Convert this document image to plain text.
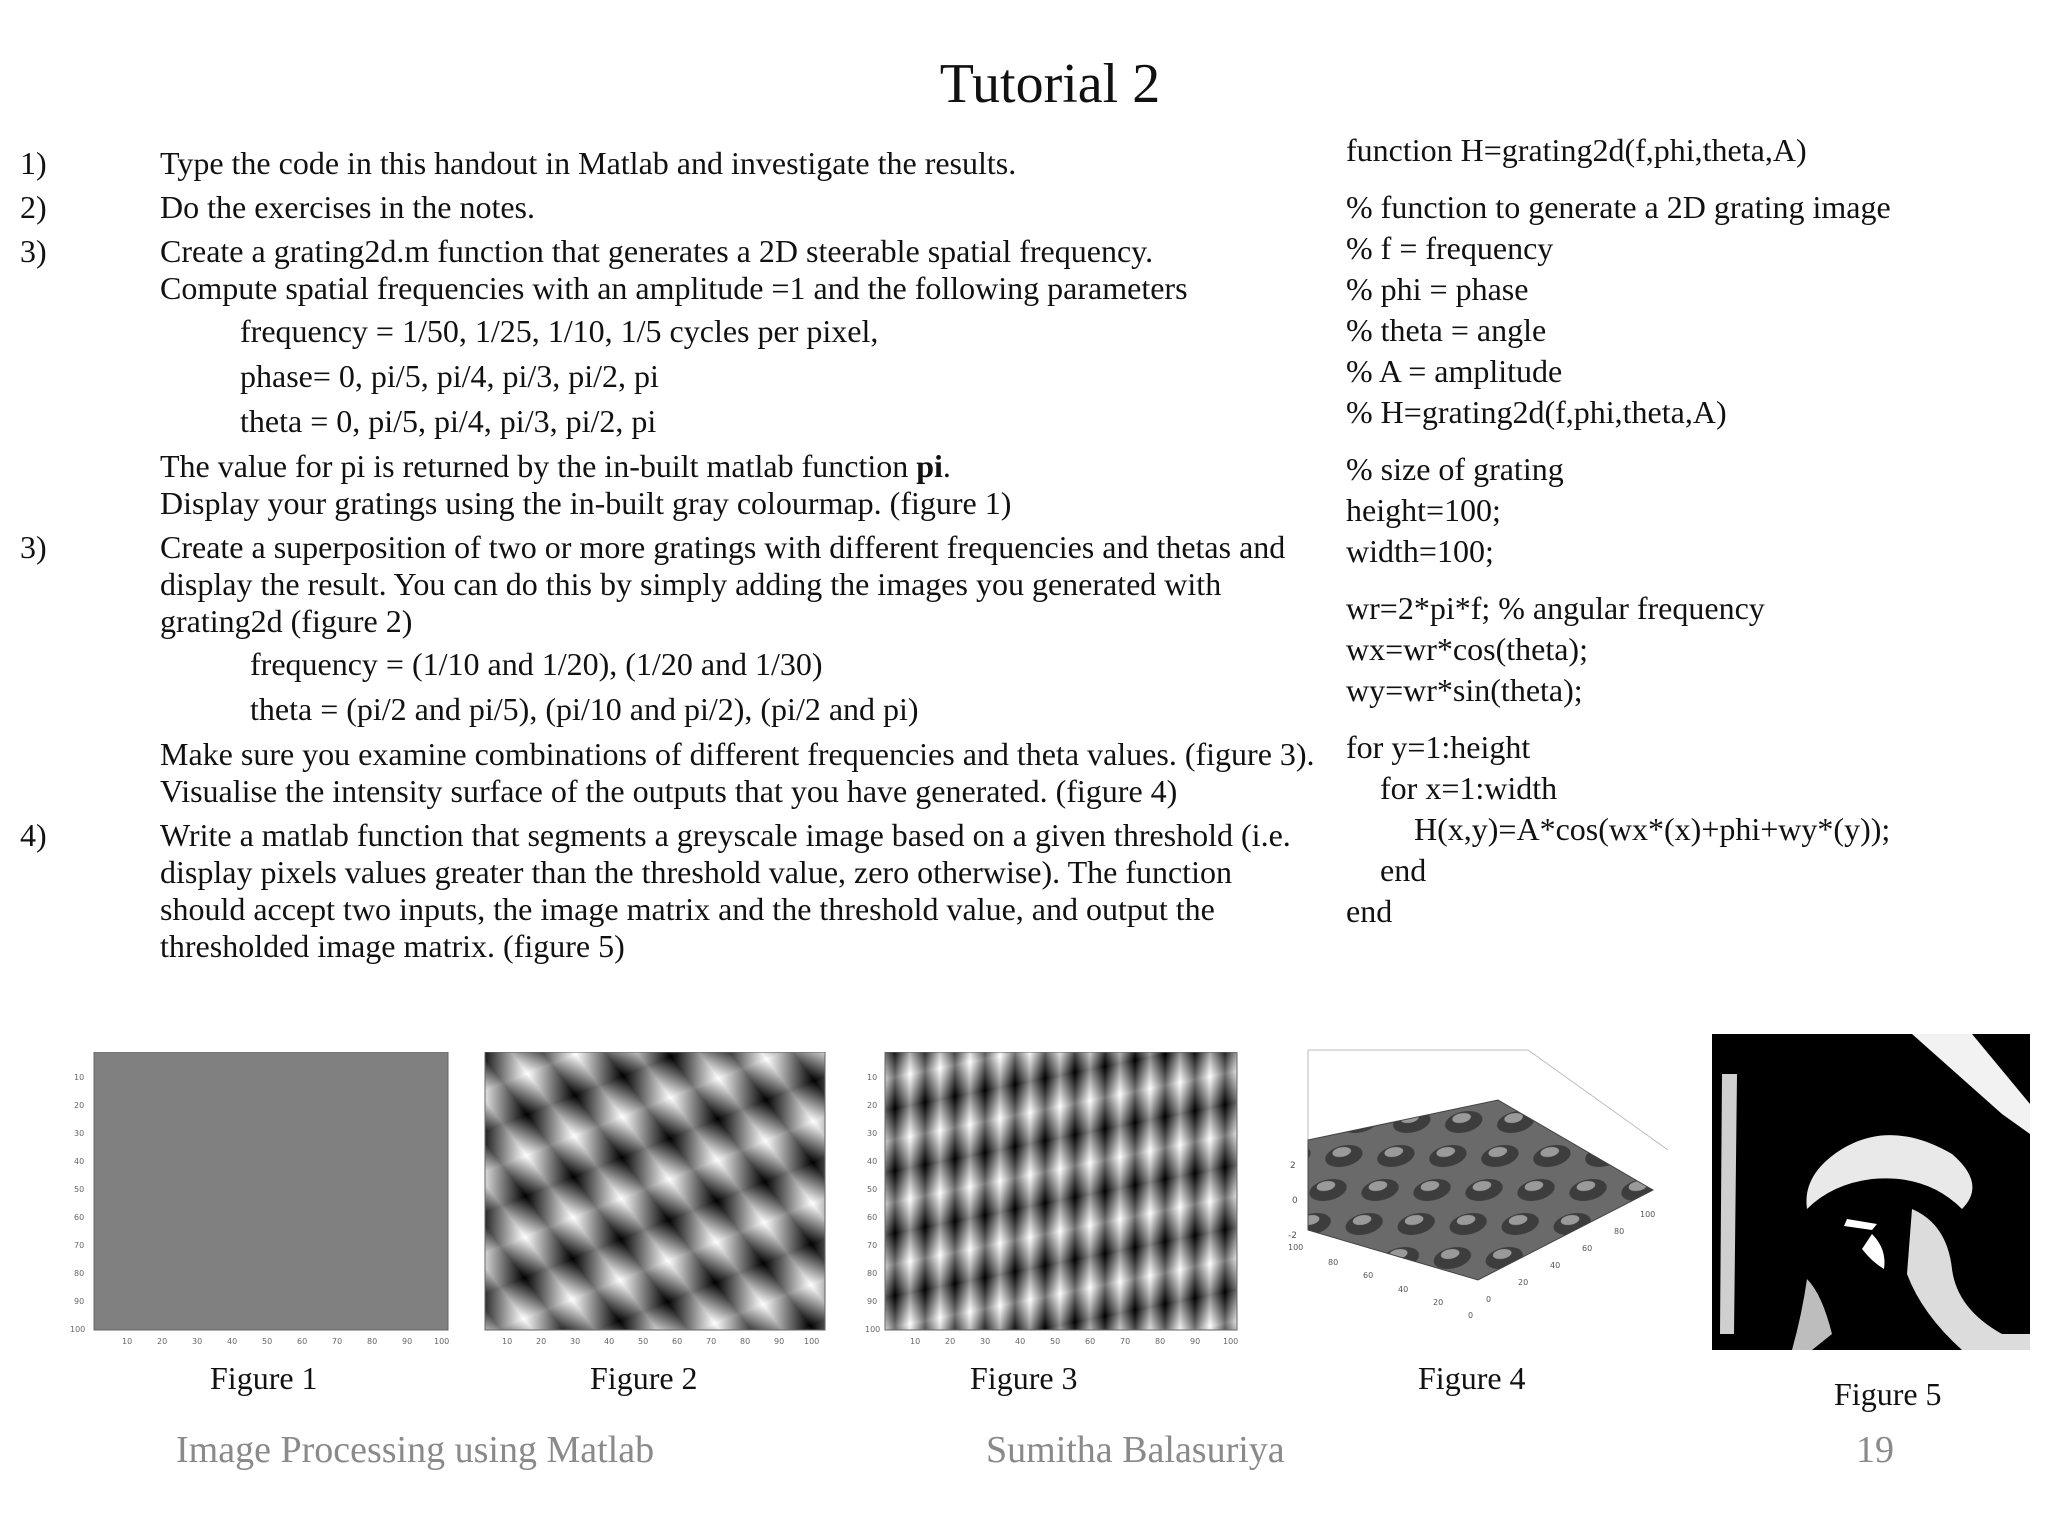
Tutorial 2
1)	Type the code in this handout in Matlab and investigate the results.
2)	Do the exercises in the notes.
3)	Create a grating2d.m function that generates a 2D steerable spatial frequency.
Compute spatial frequencies with an amplitude =1 and the following parameters
frequency = 1/50, 1/25, 1/10, 1/5 cycles per pixel,
phase= 0, pi/5, pi/4, pi/3, pi/2, pi
theta = 0, pi/5, pi/4, pi/3, pi/2, pi
The value for pi is returned by the in-built matlab function pi.
Display your gratings using the in-built gray colourmap. (figure 1)
3)	Create a superposition of two or more gratings with different frequencies and thetas and display the result. You can do this by simply adding the images you generated with grating2d (figure 2)
frequency = (1/10 and 1/20), (1/20 and 1/30)
theta = (pi/2 and pi/5), (pi/10 and pi/2), (pi/2 and pi)
Make sure you examine combinations of different frequencies and theta values. (figure 3).
Visualise the intensity surface of the outputs that you have generated. (figure 4)
4)	Write a matlab function that segments a greyscale image based on a given threshold (i.e. display pixels values greater than the threshold value, zero otherwise). The function should accept two inputs, the image matrix and the threshold value, and output the thresholded image matrix. (figure 5)
function H=grating2d(f,phi,theta,A)
% function to generate a 2D grating image
% f = frequency
% phi = phase
% theta = angle
% A = amplitude
% H=grating2d(f,phi,theta,A)
% size of grating
height=100;
width=100;
wr=2*pi*f; % angular frequency
wx=wr*cos(theta);
wy=wr*sin(theta);
for y=1:height
for x=1:width
H(x,y)=A*cos(wx*(x)+phi+wy*(y));
end
end
10
20
30
40
50
60
70
80
90
100
10	20	30	40	50	60	70	80	90	100	10	20	30	40	50	60	70	80	90 100
10
20
30
40
50
60
70
80
90
100
10	20	30	40	50	60	70	80	90	100
2
0
-2
100
80
60
40
20
0
0
20
40
60
80
100
Figure 1	Figure 2	Figure 3	Figure 4	Figure 5
Image Processing using Matlab	Sumitha Balasuriya	19
